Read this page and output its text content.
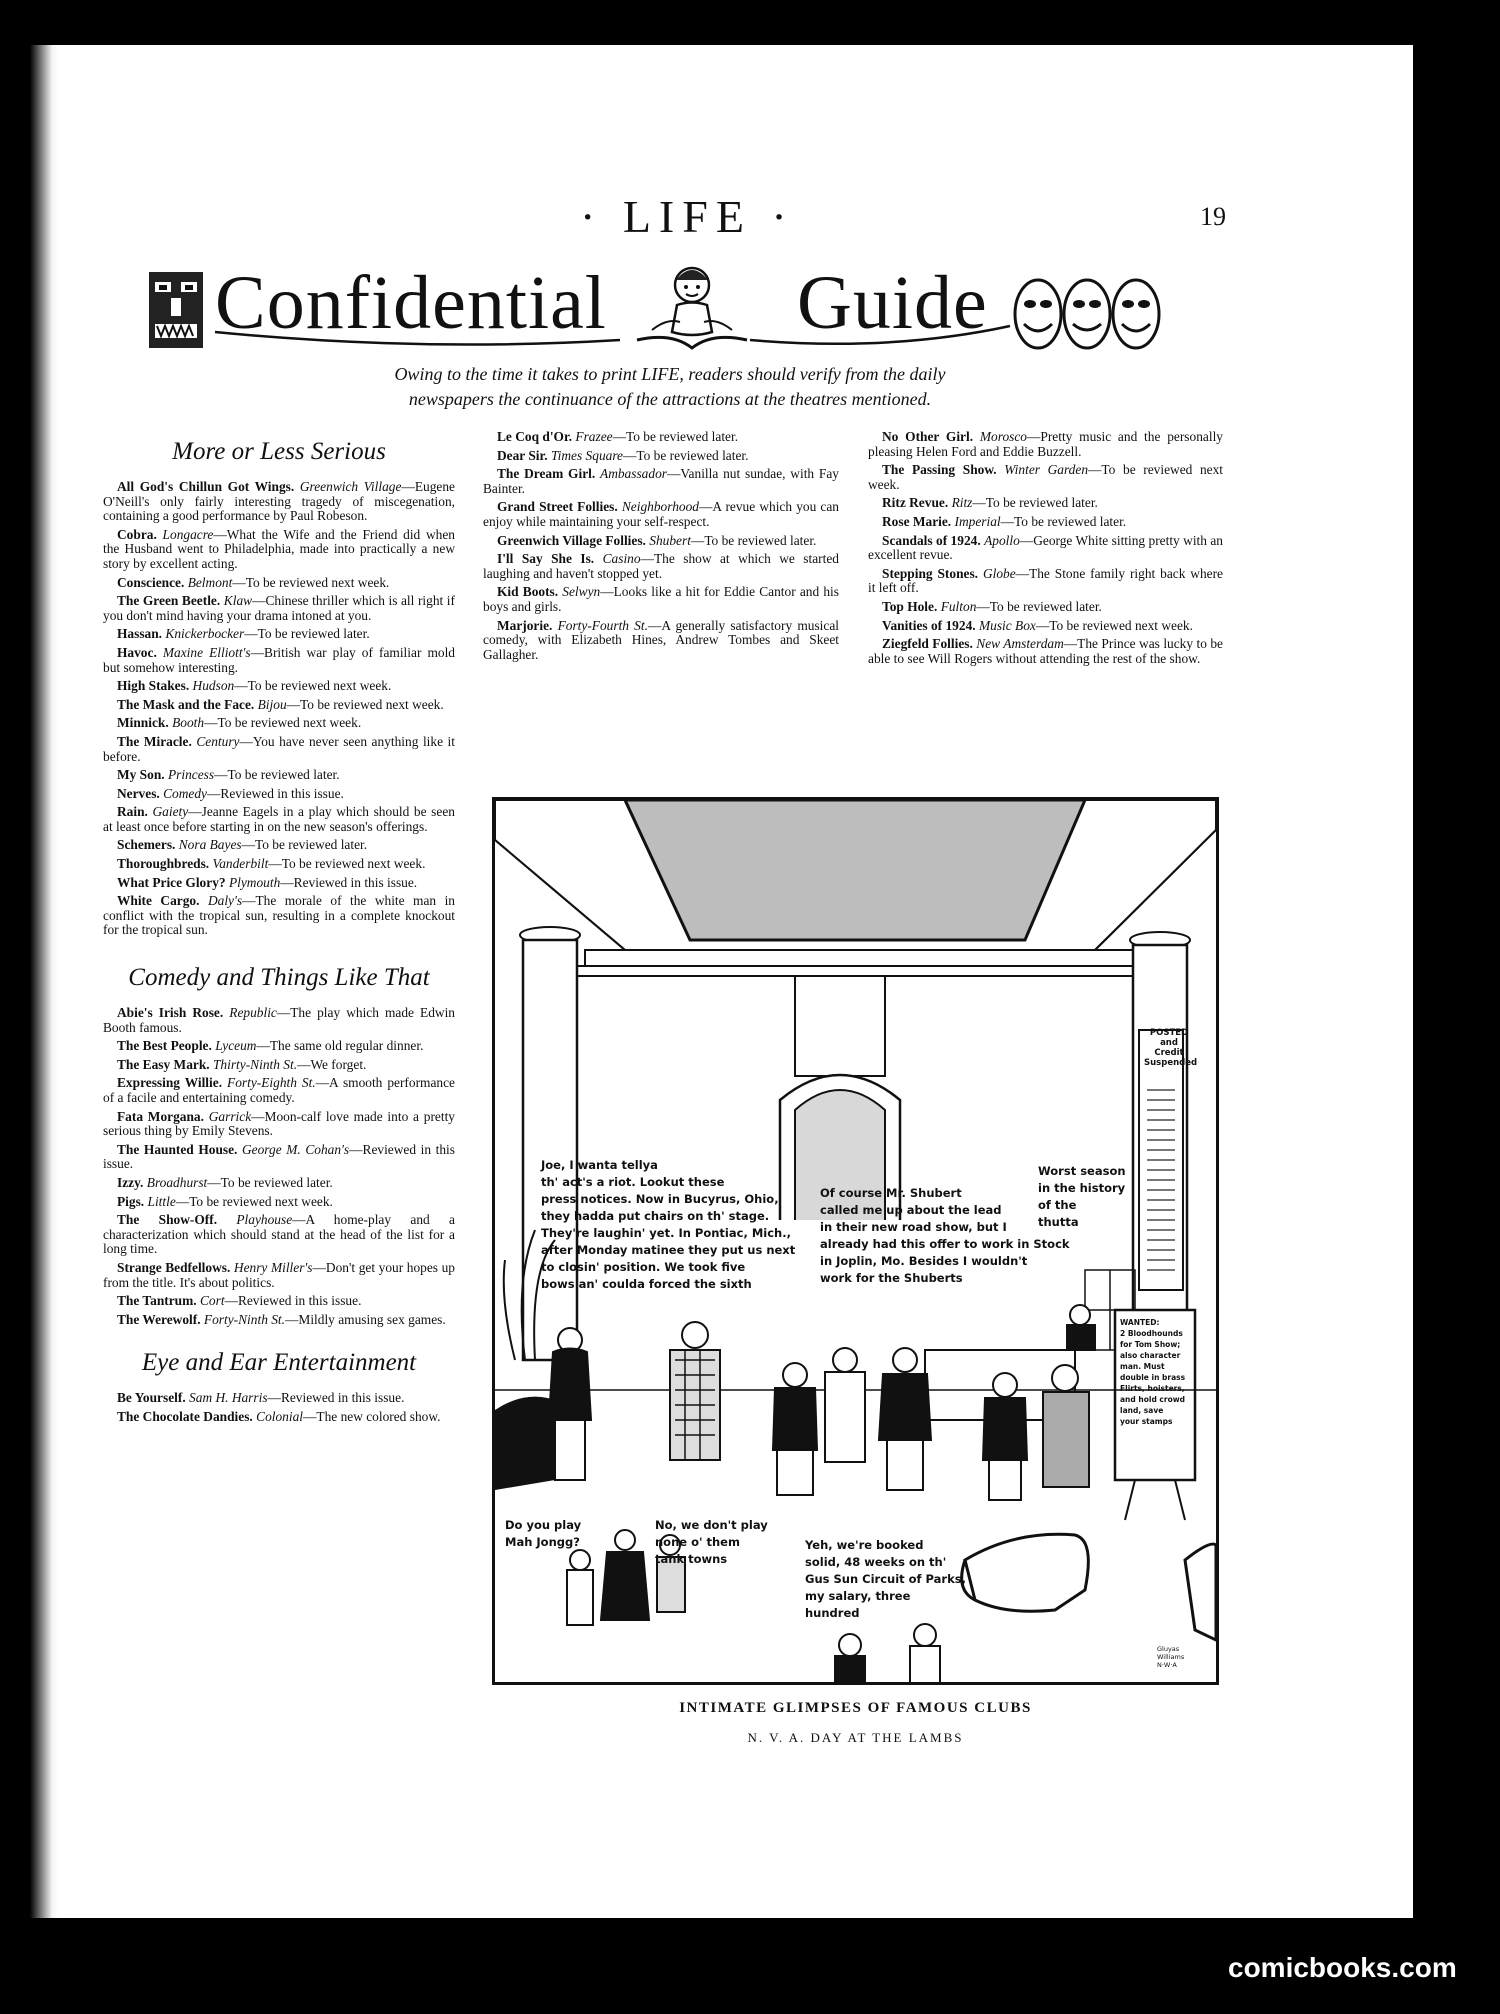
· LIFE ·	19
Confidential	Guide
Owing to the time it takes to print LIFE, readers should verify from the daily
newspapers the continuance of the attractions at the theatres mentioned.
More or Less Serious
All God's Chillun Got Wings. Greenwich Village—Eugene O'Neill's only fairly interesting tragedy of miscegenation, containing a good performance by Paul Robeson.
Cobra. Longacre—What the Wife and the Friend did when the Husband went to Philadelphia, made into practically a new story by excellent acting.
Conscience. Belmont—To be reviewed next week.
The Green Beetle. Klaw—Chinese thriller which is all right if you don't mind having your drama intoned at you.
Hassan. Knickerbocker—To be reviewed later.
Havoc. Maxine Elliott's—British war play of familiar mold but somehow interesting.
High Stakes. Hudson—To be reviewed next week.
The Mask and the Face. Bijou—To be reviewed next week.
Minnick. Booth—To be reviewed next week.
The Miracle. Century—You have never seen anything like it before.
My Son. Princess—To be reviewed later.
Nerves. Comedy—Reviewed in this issue.
Rain. Gaiety—Jeanne Eagels in a play which should be seen at least once before starting in on the new season's offerings.
Schemers. Nora Bayes—To be reviewed later.
Thoroughbreds. Vanderbilt—To be reviewed next week.
What Price Glory? Plymouth—Reviewed in this issue.
White Cargo. Daly's—The morale of the white man in conflict with the tropical sun, resulting in a complete knockout for the tropical sun.
Comedy and Things Like That
Abie's Irish Rose. Republic—The play which made Edwin Booth famous.
The Best People. Lyceum—The same old regular dinner.
The Easy Mark. Thirty-Ninth St.—We forget.
Expressing Willie. Forty-Eighth St.—A smooth performance of a facile and entertaining comedy.
Fata Morgana. Garrick—Moon-calf love made into a pretty serious thing by Emily Stevens.
The Haunted House. George M. Cohan's—Reviewed in this issue.
Izzy. Broadhurst—To be reviewed later.
Pigs. Little—To be reviewed next week.
The Show-Off. Playhouse—A home-play and a characterization which should stand at the head of the list for a long time.
Strange Bedfellows. Henry Miller's—Don't get your hopes up from the title. It's about politics.
The Tantrum. Cort—Reviewed in this issue.
The Werewolf. Forty-Ninth St.—Mildly amusing sex games.
Eye and Ear Entertainment
Be Yourself. Sam H. Harris—Reviewed in this issue.
The Chocolate Dandies. Colonial—The new colored show.
Le Coq d'Or. Frazee—To be reviewed later.
Dear Sir. Times Square—To be reviewed later.
The Dream Girl. Ambassador—Vanilla nut sundae, with Fay Bainter.
Grand Street Follies. Neighborhood—A revue which you can enjoy while maintaining your self-respect.
Greenwich Village Follies. Shubert—To be reviewed later.
I'll Say She Is. Casino—The show at which we started laughing and haven't stopped yet.
Kid Boots. Selwyn—Looks like a hit for Eddie Cantor and his boys and girls.
Marjorie. Forty-Fourth St.—A generally satisfactory musical comedy, with Elizabeth Hines, Andrew Tombes and Skeet Gallagher.
No Other Girl. Morosco—Pretty music and the personally pleasing Helen Ford and Eddie Buzzell.
The Passing Show. Winter Garden—To be reviewed next week.
Ritz Revue. Ritz—To be reviewed later.
Rose Marie. Imperial—To be reviewed later.
Scandals of 1924. Apollo—George White sitting pretty with an excellent revue.
Stepping Stones. Globe—The Stone family right back where it left off.
Top Hole. Fulton—To be reviewed later.
Vanities of 1924. Music Box—To be reviewed next week.
Ziegfeld Follies. New Amsterdam—The Prince was lucky to be able to see Will Rogers without attending the rest of the show.
Joe, I wanta tellya
th' act's a riot. Lookut these
press notices. Now in Bucyrus, Ohio,
they hadda put chairs on th' stage.
They're laughin' yet. In Pontiac, Mich.,
after Monday matinee they put us next
to closin' position. We took five
bows an' coulda forced the sixth
Of course Mr. Shubert
called me up about the lead
in their new road show, but I
already had this offer to work in Stock
in Joplin, Mo. Besides I wouldn't
work for the Shuberts
Worst season
in the history
of the
thutta
Do you play
Mah Jongg?
No, we don't play
none o' them
tank towns
Yeh, we're booked
solid, 48 weeks on th'
Gus Sun Circuit of Parks,
my salary, three
hundred
POSTED
and
Credit
Suspended
WANTED:
2 Bloodhounds
for Tom Show;
also character
man. Must
double in brass
Flirts, hoisters,
and hold crowd
land, save
your stamps
Gluyas
Williams
N·W·A
INTIMATE GLIMPSES OF FAMOUS CLUBS
N. V. A. DAY AT THE LAMBS
comicbooks.com
